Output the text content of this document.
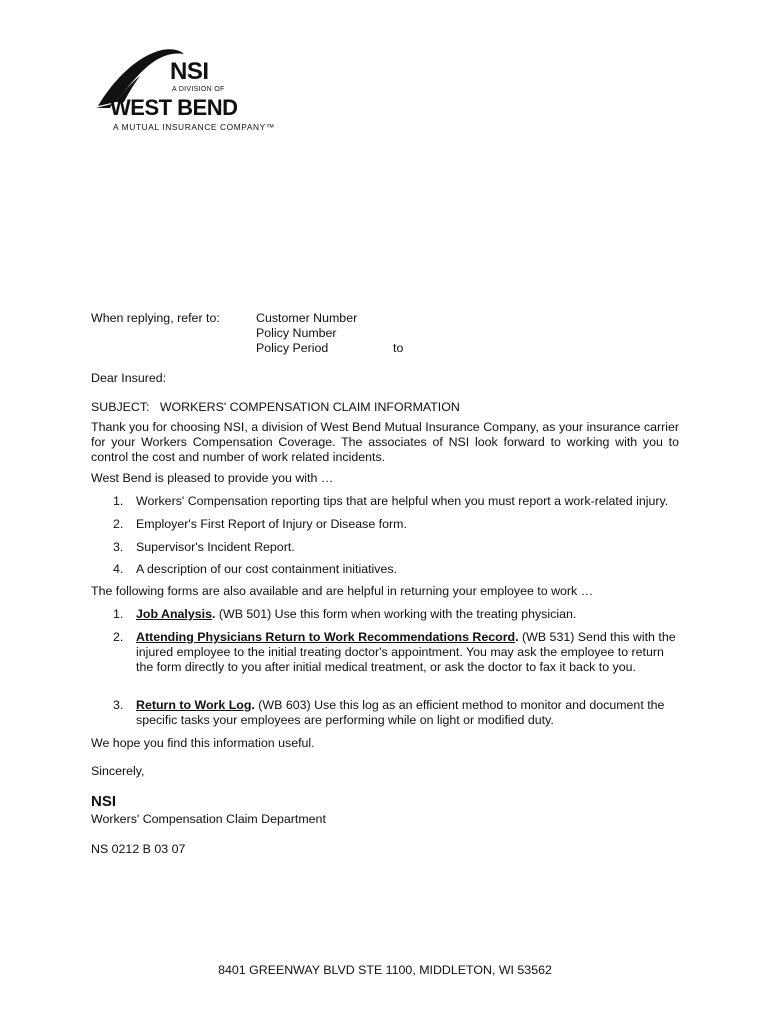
NSI
A DIVISION OF
WEST BEND
A MUTUAL INSURANCE COMPANY™
When replying, refer to:	Customer Number
Policy Number
Policy Period	to
Dear Insured:
SUBJECT:   WORKERS' COMPENSATION CLAIM INFORMATION
Thank you for choosing NSI, a division of West Bend Mutual Insurance Company, as your insurance carrier for your Workers Compensation Coverage. The associates of NSI look forward to working with you to control the cost and number of work related incidents.
West Bend is pleased to provide you with …
1. Workers' Compensation reporting tips that are helpful when you must report a work-related injury.
2. Employer's First Report of Injury or Disease form.
3. Supervisor's Incident Report.
4. A description of our cost containment initiatives.
The following forms are also available and are helpful in returning your employee to work …
1. Job Analysis. (WB 501) Use this form when working with the treating physician.
2. Attending Physicians Return to Work Recommendations Record. (WB 531) Send this with the injured employee to the initial treating doctor's appointment. You may ask the employee to return the form directly to you after initial medical treatment, or ask the doctor to fax it back to you.
3. Return to Work Log. (WB 603) Use this log as an efficient method to monitor and document the specific tasks your employees are performing while on light or modified duty.
We hope you find this information useful.
Sincerely,
NSI
Workers' Compensation Claim Department
NS 0212 B 03 07
8401 GREENWAY BLVD STE 1100, MIDDLETON, WI 53562
